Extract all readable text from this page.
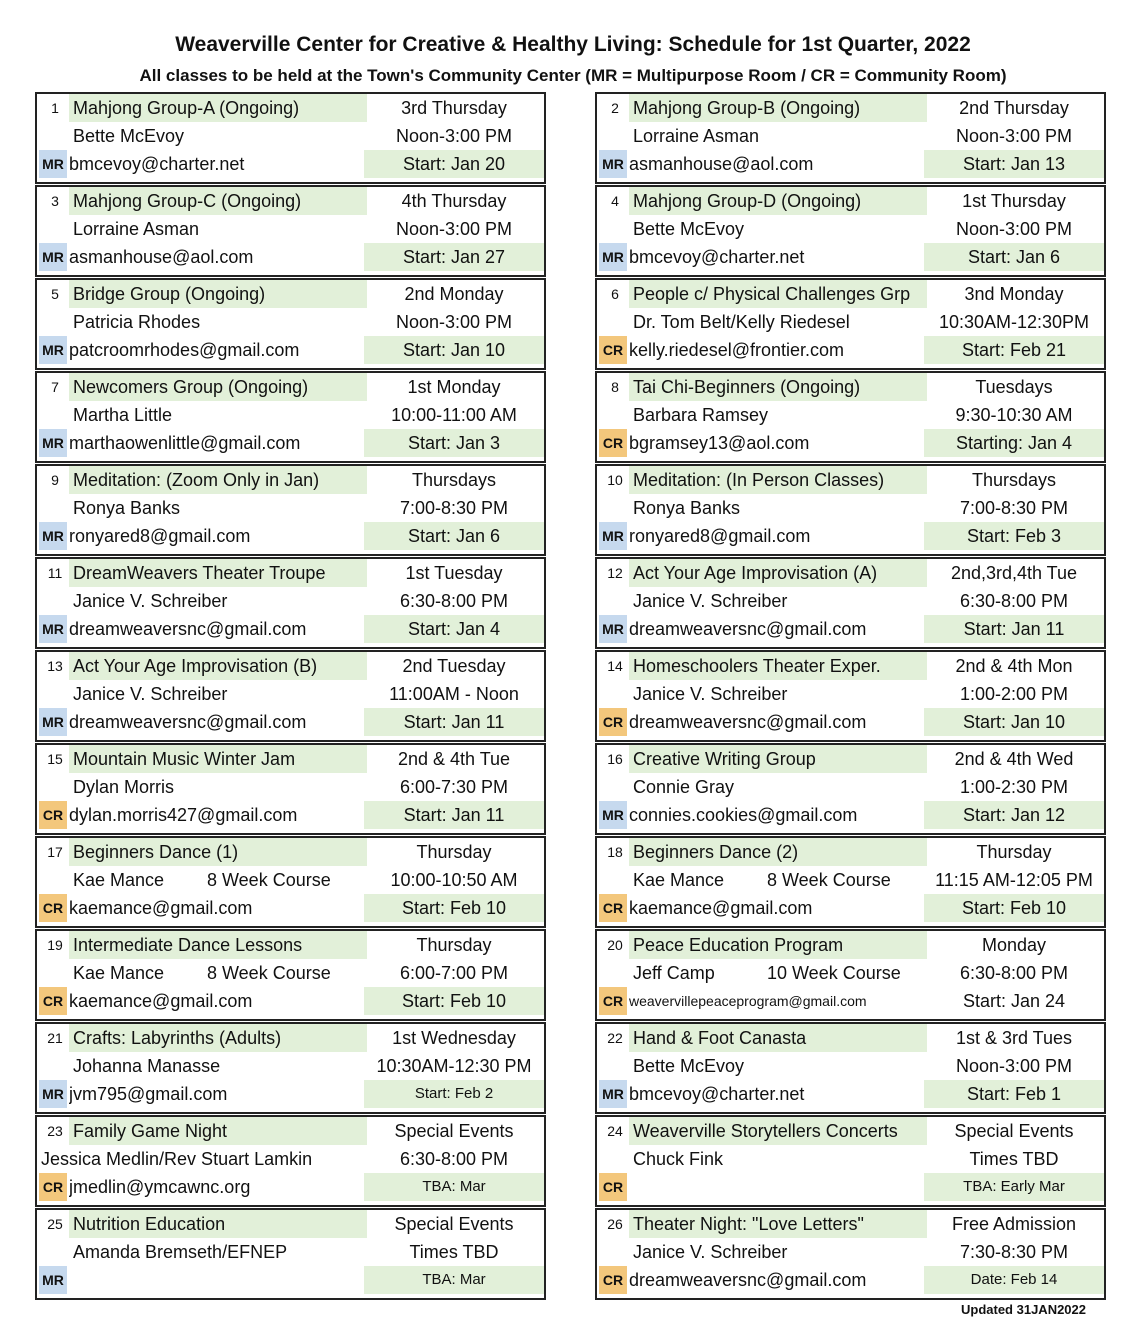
Weaverville Center for Creative & Healthy Living: Schedule for 1st Quarter, 2022
All classes to be held at the Town's Community Center (MR = Multipurpose Room / CR = Community Room)
1 Mahjong Group-A (Ongoing)	3rd Thursday
Bette McEvoy	Noon-3:00 PM
MR bmcevoy@charter.net	Start: Jan 20
2 Mahjong Group-B (Ongoing)	2nd Thursday
Lorraine Asman	Noon-3:00 PM
MR asmanhouse@aol.com	Start: Jan 13
3 Mahjong Group-C (Ongoing)	4th Thursday
Lorraine Asman	Noon-3:00 PM
MR asmanhouse@aol.com	Start: Jan 27
4 Mahjong Group-D (Ongoing)	1st Thursday
Bette McEvoy	Noon-3:00 PM
MR bmcevoy@charter.net	Start: Jan 6
5 Bridge Group (Ongoing)	2nd Monday
Patricia Rhodes	Noon-3:00 PM
MR patcroomrhodes@gmail.com	Start: Jan 10
6 People c/ Physical Challenges Grp	3nd Monday
Dr. Tom Belt/Kelly Riedesel	10:30AM-12:30PM
CR kelly.riedesel@frontier.com	Start: Feb 21
7 Newcomers Group (Ongoing)	1st Monday
Martha Little	10:00-11:00 AM
MR marthaowenlittle@gmail.com	Start: Jan 3
8 Tai Chi-Beginners (Ongoing)	Tuesdays
Barbara Ramsey	9:30-10:30 AM
CR bgramsey13@aol.com	Starting: Jan 4
9 Meditation: (Zoom Only in Jan)	Thursdays
Ronya Banks	7:00-8:30 PM
MR ronyared8@gmail.com	Start: Jan 6
10 Meditation: (In Person Classes)	Thursdays
Ronya Banks	7:00-8:30 PM
MR ronyared8@gmail.com	Start: Feb 3
11 DreamWeavers Theater Troupe	1st Tuesday
Janice V. Schreiber	6:30-8:00 PM
MR dreamweaversnc@gmail.com	Start: Jan 4
12 Act Your Age Improvisation (A)	2nd,3rd,4th Tue
Janice V. Schreiber	6:30-8:00 PM
MR dreamweaversnc@gmail.com	Start: Jan 11
13 Act Your Age Improvisation (B)	2nd Tuesday
Janice V. Schreiber	11:00AM - Noon
MR dreamweaversnc@gmail.com	Start: Jan 11
14 Homeschoolers Theater Exper.	2nd & 4th Mon
Janice V. Schreiber	1:00-2:00 PM
CR dreamweaversnc@gmail.com	Start: Jan 10
15 Mountain Music Winter Jam	2nd & 4th Tue
Dylan Morris	6:00-7:30 PM
CR dylan.morris427@gmail.com	Start: Jan 11
16 Creative Writing Group	2nd & 4th Wed
Connie Gray	1:00-2:30 PM
MR connies.cookies@gmail.com	Start: Jan 12
17 Beginners Dance (1)	Thursday
Kae Mance 8 Week Course	10:00-10:50 AM
CR kaemance@gmail.com	Start: Feb 10
18 Beginners Dance (2)	Thursday
Kae Mance 8 Week Course	11:15 AM-12:05 PM
CR kaemance@gmail.com	Start: Feb 10
19 Intermediate Dance Lessons	Thursday
Kae Mance 8 Week Course	6:00-7:00 PM
CR kaemance@gmail.com	Start: Feb 10
20 Peace Education Program	Monday
Jeff Camp	10 Week Course	6:30-8:00 PM
CR weavervillepeaceprogram@gmail.com	Start: Jan 24
21 Crafts: Labyrinths (Adults)	1st Wednesday
Johanna Manasse	10:30AM-12:30 PM
MR jvm795@gmail.com	Start: Feb 2
22 Hand & Foot Canasta	1st & 3rd Tues
Bette McEvoy	Noon-3:00 PM
MR bmcevoy@charter.net	Start: Feb 1
23 Family Game Night	Special Events
Jessica Medlin/Rev Stuart Lamkin	6:30-8:00 PM
CR jmedlin@ymcawnc.org	TBA: Mar
24 Weaverville Storytellers Concerts	Special Events
Chuck Fink	Times TBD
CR	TBA: Early Mar
25 Nutrition Education	Special Events
Amanda Bremseth/EFNEP	Times TBD
MR	TBA: Mar
26 Theater Night: "Love Letters"	Free Admission
Janice V. Schreiber	7:30-8:30 PM
CR dreamweaversnc@gmail.com	Date: Feb 14
Updated 31JAN2022
